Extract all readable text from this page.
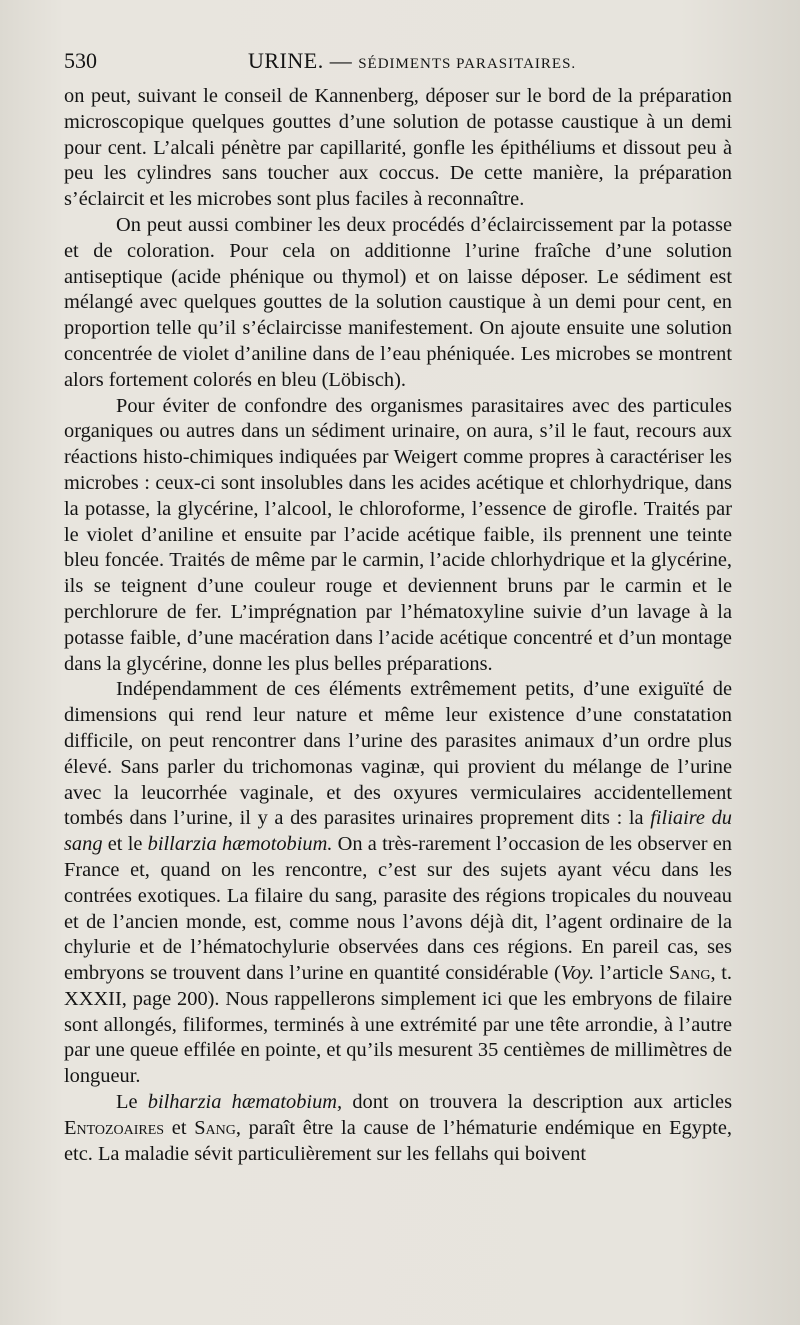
530	URINE. — SÉDIMENTS PARASITAIRES.

on peut, suivant le conseil de Kannenberg, déposer sur le bord de la préparation microscopique quelques gouttes d’une solution de potasse caustique à un demi pour cent. L’alcali pénètre par capillarité, gonfle les épithéliums et dissout peu à peu les cylindres sans toucher aux coccus. De cette manière, la préparation s’éclaircit et les microbes sont plus faciles à reconnaître.

On peut aussi combiner les deux procédés d’éclaircissement par la potasse et de coloration. Pour cela on additionne l’urine fraîche d’une solution antiseptique (acide phénique ou thymol) et on laisse déposer. Le sédiment est mélangé avec quelques gouttes de la solution caustique à un demi pour cent, en proportion telle qu’il s’éclaircisse manifestement. On ajoute ensuite une solution concentrée de violet d’aniline dans de l’eau phéniquée. Les microbes se montrent alors fortement colorés en bleu (Löbisch).

Pour éviter de confondre des organismes parasitaires avec des particules organiques ou autres dans un sédiment urinaire, on aura, s’il le faut, recours aux réactions histo-chimiques indiquées par Weigert comme propres à caractériser les microbes : ceux-ci sont insolubles dans les acides acétique et chlorhydrique, dans la potasse, la glycérine, l’alcool, le chloroforme, l’essence de girofle. Traités par le violet d’aniline et ensuite par l’acide acétique faible, ils prennent une teinte bleu foncée. Traités de même par le carmin, l’acide chlorhydrique et la glycérine, ils se teignent d’une couleur rouge et deviennent bruns par le carmin et le perchlorure de fer. L’imprégnation par l’hématoxyline suivie d’un lavage à la potasse faible, d’une macération dans l’acide acétique concentré et d’un montage dans la glycérine, donne les plus belles préparations.

Indépendamment de ces éléments extrêmement petits, d’une exiguïté de dimensions qui rend leur nature et même leur existence d’une constatation difficile, on peut rencontrer dans l’urine des parasites animaux d’un ordre plus élevé. Sans parler du trichomonas vaginæ, qui provient du mélange de l’urine avec la leucorrhée vaginale, et des oxyures vermiculaires accidentellement tombés dans l’urine, il y a des parasites urinaires proprement dits : la filiaire du sang et le billarzia hæmotobium. On a très-rarement l’occasion de les observer en France et, quand on les rencontre, c’est sur des sujets ayant vécu dans les contrées exotiques. La filaire du sang, parasite des régions tropicales du nouveau et de l’ancien monde, est, comme nous l’avons déjà dit, l’agent ordinaire de la chylurie et de l’hématochylurie observées dans ces régions. En pareil cas, ses embryons se trouvent dans l’urine en quantité considérable (Voy. l’article Sang, t. XXXII, page 200). Nous rappellerons simplement ici que les embryons de filaire sont allongés, filiformes, terminés à une extrémité par une tête arrondie, à l’autre par une queue effilée en pointe, et qu’ils mesurent 35 centièmes de millimètres de longueur.

Le bilharzia hæmatobium, dont on trouvera la description aux articles Entozoaires et Sang, paraît être la cause de l’hématurie endémique en Egypte, etc. La maladie sévit particulièrement sur les fellahs qui boivent
